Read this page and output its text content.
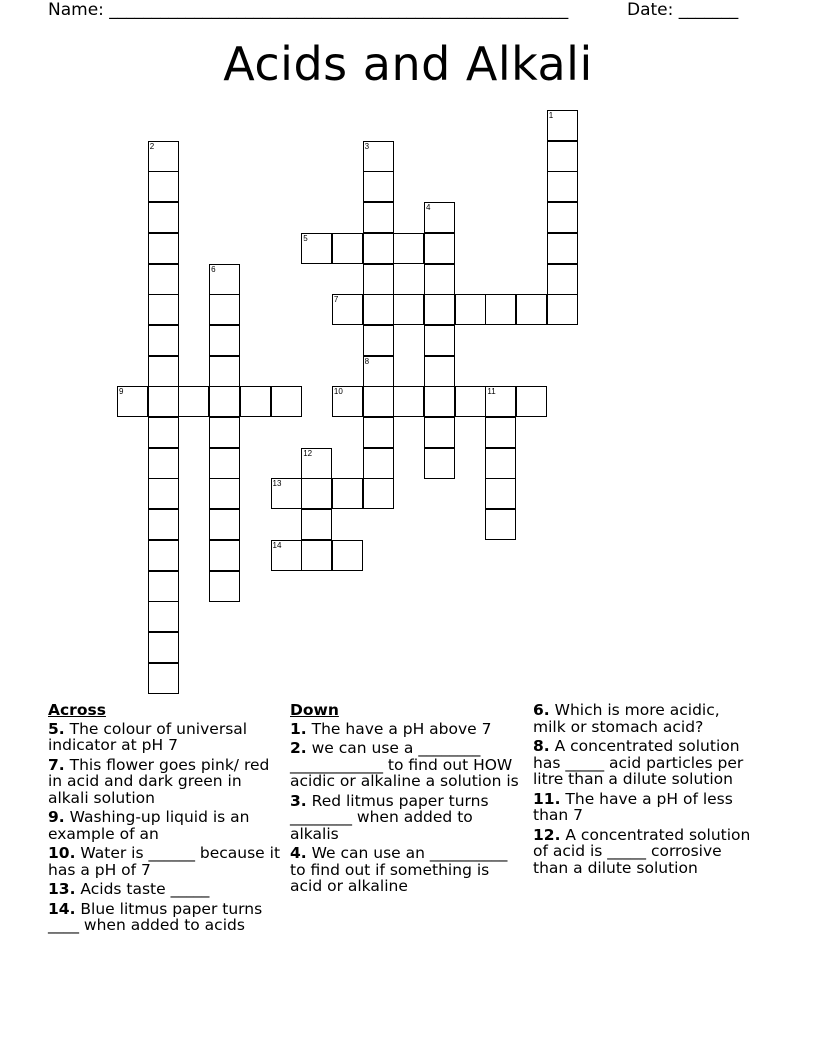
Name: ______________________________________________________	Date: _______
Acids and Alkali
1
2	3
4
5
6
7
8
9	10	11
12
13
14
Across
5. The colour of universal indicator at pH 7
7. This flower goes pink/ red in acid and dark green in alkali solution
9. Washing-up liquid is an example of an
10. Water is ______ because it has a pH of 7
13. Acids taste _____
14. Blue litmus paper turns ____ when added to acids
Down
1. The have a pH above 7
2. we can use a ________ ____________ to find out HOW acidic or alkaline a solution is
3. Red litmus paper turns ________ when added to alkalis
4. We can use an __________ to find out if something is acid or alkaline
6. Which is more acidic, milk or stomach acid?
8. A concentrated solution has _____ acid particles per litre than a dilute solution
11. The have a pH of less than 7
12. A concentrated solution of acid is _____ corrosive than a dilute solution
